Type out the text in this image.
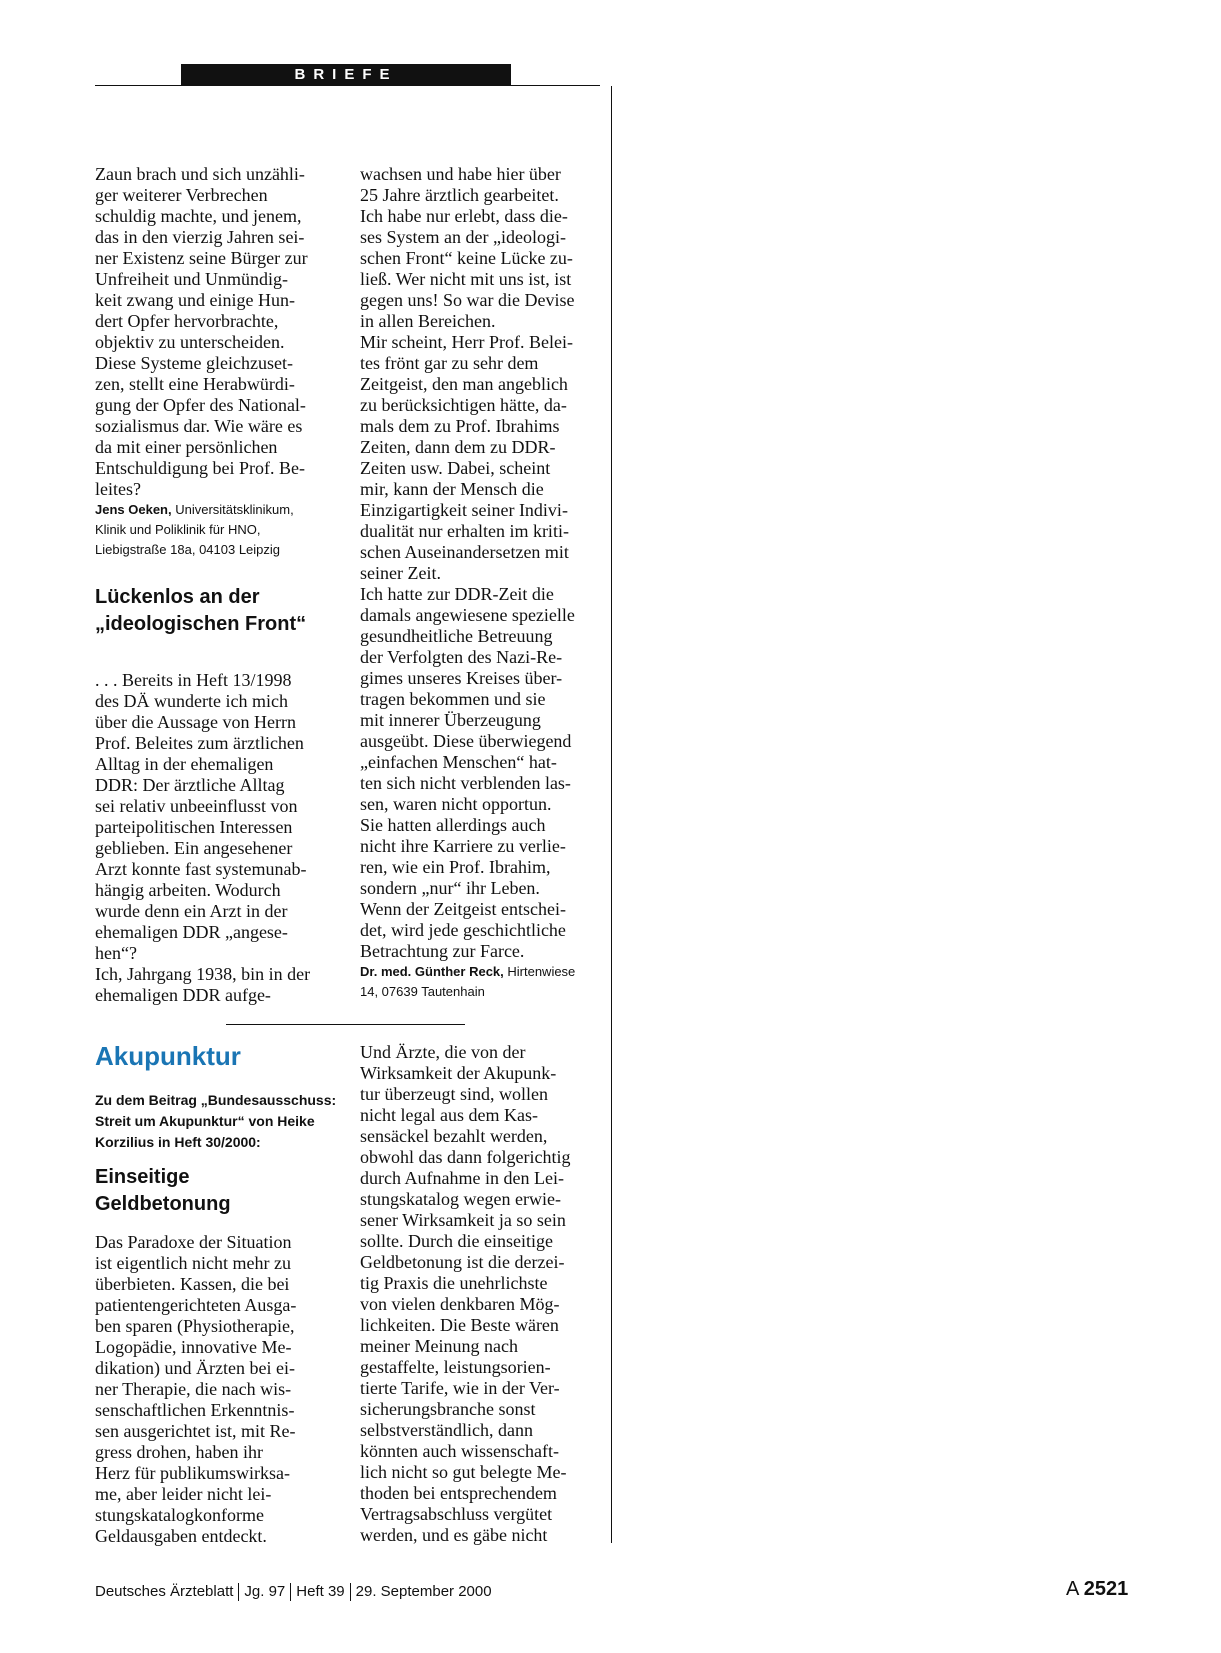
BRIEFE
Zaun brach und sich unzähli-
ger weiterer Verbrechen
schuldig machte, und jenem,
das in den vierzig Jahren sei-
ner Existenz seine Bürger zur
Unfreiheit und Unmündig-
keit zwang und einige Hun-
dert Opfer hervorbrachte,
objektiv zu unterscheiden.
Diese Systeme gleichzuset-
zen, stellt eine Herabwürdi-
gung der Opfer des National-
sozialismus dar. Wie wäre es
da mit einer persönlichen
Entschuldigung bei Prof. Be-
leites?
Jens Oeken, Universitätsklinikum,
Klinik und Poliklinik für HNO,
Liebigstraße 18a, 04103 Leipzig
Lückenlos an der
„ideologischen Front“
. . . Bereits in Heft 13/1998
des DÄ wunderte ich mich
über die Aussage von Herrn
Prof. Beleites zum ärztlichen
Alltag in der ehemaligen
DDR: Der ärztliche Alltag
sei relativ unbeeinflusst von
parteipolitischen Interessen
geblieben. Ein angesehener
Arzt konnte fast systemunab-
hängig arbeiten. Wodurch
wurde denn ein Arzt in der
ehemaligen DDR „angese-
hen“?
Ich, Jahrgang 1938, bin in der
ehemaligen DDR aufge-
wachsen und habe hier über
25 Jahre ärztlich gearbeitet.
Ich habe nur erlebt, dass die-
ses System an der „ideologi-
schen Front“ keine Lücke zu-
ließ. Wer nicht mit uns ist, ist
gegen uns! So war die Devise
in allen Bereichen.
Mir scheint, Herr Prof. Belei-
tes frönt gar zu sehr dem
Zeitgeist, den man angeblich
zu berücksichtigen hätte, da-
mals dem zu Prof. Ibrahims
Zeiten, dann dem zu DDR-
Zeiten usw. Dabei, scheint
mir, kann der Mensch die
Einzigartigkeit seiner Indivi-
dualität nur erhalten im kriti-
schen Auseinandersetzen mit
seiner Zeit.
Ich hatte zur DDR-Zeit die
damals angewiesene spezielle
gesundheitliche Betreuung
der Verfolgten des Nazi-Re-
gimes unseres Kreises über-
tragen bekommen und sie
mit innerer Überzeugung
ausgeübt. Diese überwiegend
„einfachen Menschen“ hat-
ten sich nicht verblenden las-
sen, waren nicht opportun.
Sie hatten allerdings auch
nicht ihre Karriere zu verlie-
ren, wie ein Prof. Ibrahim,
sondern „nur“ ihr Leben.
Wenn der Zeitgeist entschei-
det, wird jede geschichtliche
Betrachtung zur Farce.
Dr. med. Günther Reck, Hirtenwiese
14, 07639 Tautenhain
Akupunktur
Zu dem Beitrag „Bundesausschuss:
Streit um Akupunktur“ von Heike
Korzilius in Heft 30/2000:
Einseitige
Geldbetonung
Das Paradoxe der Situation
ist eigentlich nicht mehr zu
überbieten. Kassen, die bei
patientengerichteten Ausga-
ben sparen (Physiotherapie,
Logopädie, innovative Me-
dikation) und Ärzten bei ei-
ner Therapie, die nach wis-
senschaftlichen Erkenntnis-
sen ausgerichtet ist, mit Re-
gress drohen, haben ihr
Herz für publikumswirksa-
me, aber leider nicht lei-
stungskatalogkonforme
Geldausgaben entdeckt.
Und Ärzte, die von der
Wirksamkeit der Akupunk-
tur überzeugt sind, wollen
nicht legal aus dem Kas-
sensäckel bezahlt werden,
obwohl das dann folgerichtig
durch Aufnahme in den Lei-
stungskatalog wegen erwie-
sener Wirksamkeit ja so sein
sollte. Durch die einseitige
Geldbetonung ist die derzei-
tig Praxis die unehrlichste
von vielen denkbaren Mög-
lichkeiten. Die Beste wären
meiner Meinung nach
gestaffelte, leistungsorien-
tierte Tarife, wie in der Ver-
sicherungsbranche sonst
selbstverständlich, dann
könnten auch wissenschaft-
lich nicht so gut belegte Me-
thoden bei entsprechendem
Vertragsabschluss vergütet
werden, und es gäbe nicht
Deutsches Ärzteblatt Jg. 97 Heft 39 29. September 2000	A 2521
